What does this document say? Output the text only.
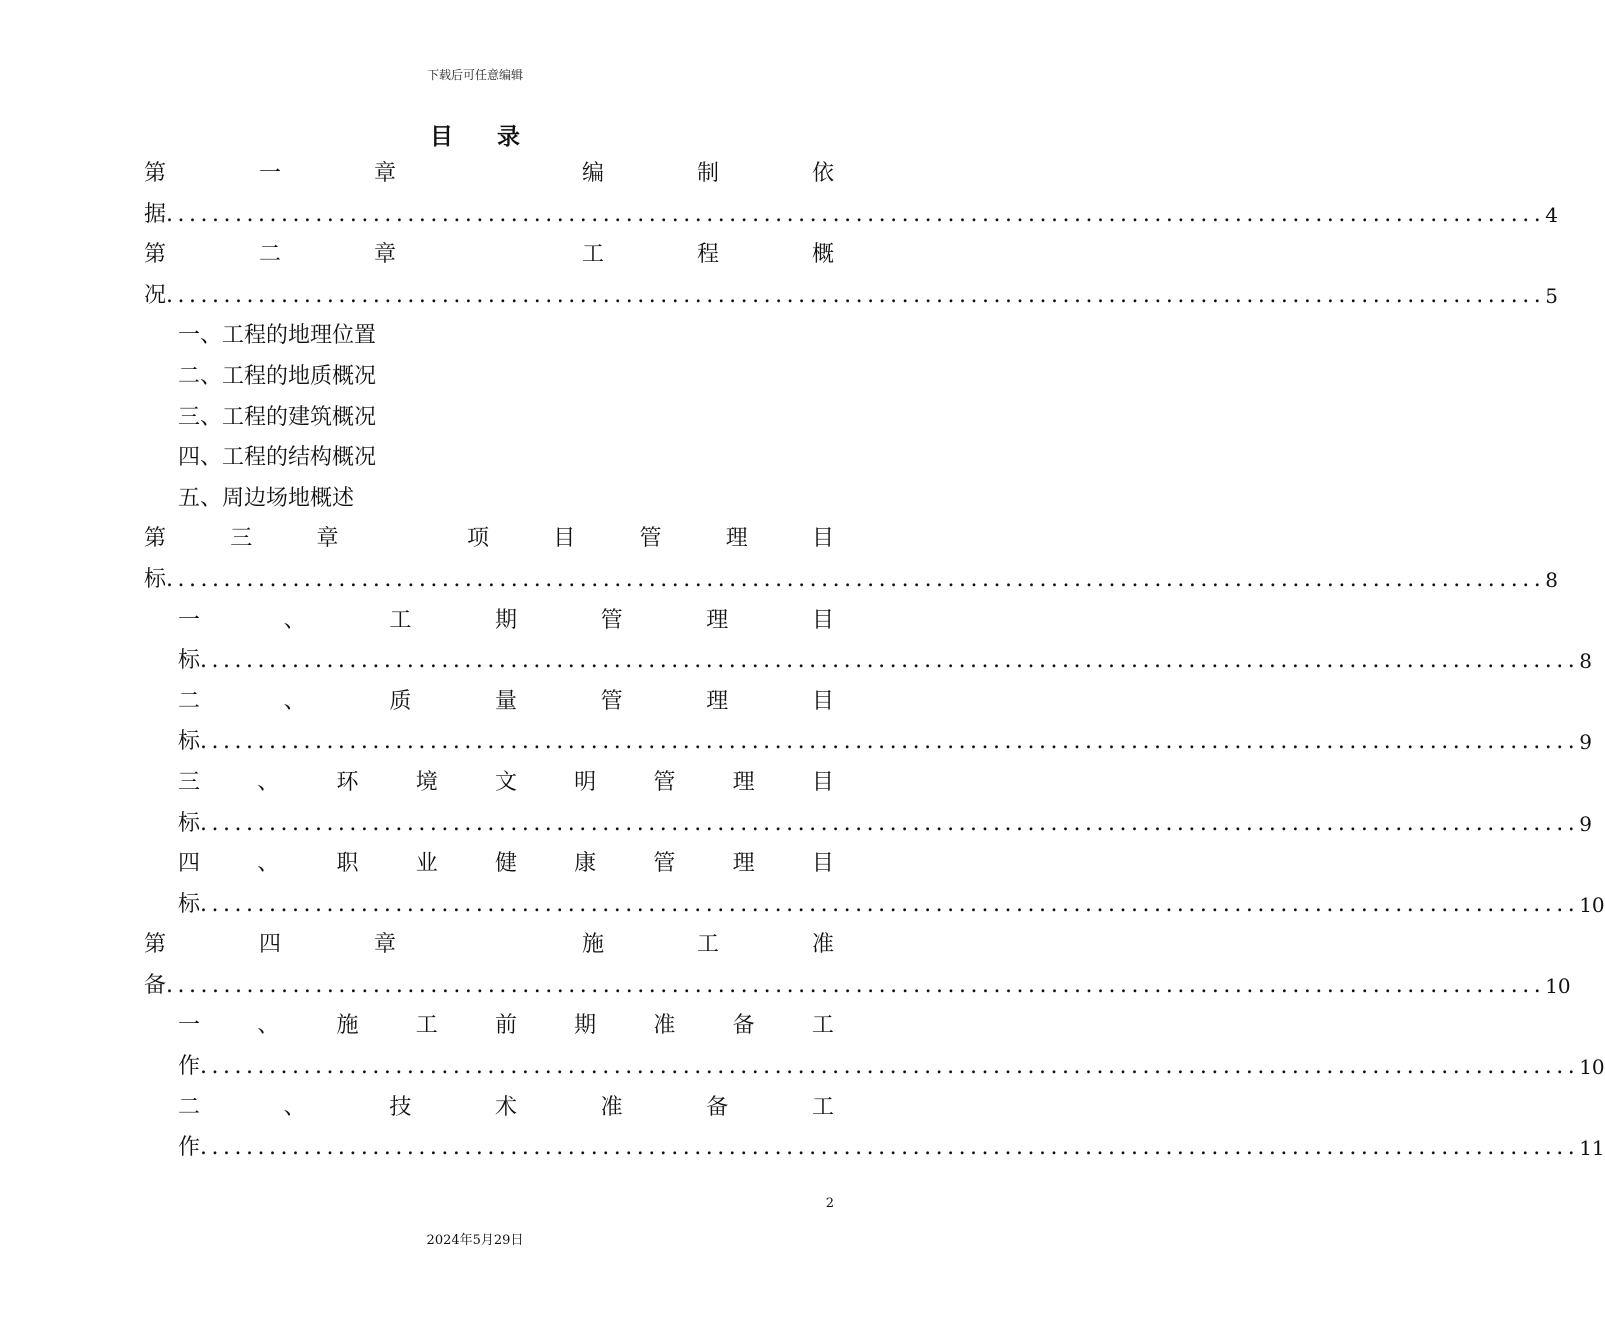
下载后可任意编辑
目 录
第	一	章	编	制	依
据 ........................................................................................................................ 4
第	二	章	工	程	概
况 ........................................................................................................................ 5
一、工程的地理位置
二、工程的地质概况
三、工程的建筑概况
四、工程的结构概况
五、周边场地概述
第	三	章	项	目	管	理	目
标 ........................................................................................................................ 8
一	、	工	期	管	理	目
标 ........................................................................................................................ 8
二	、	质	量	管	理	目
标 ........................................................................................................................ 9
三	、	环	境	文	明	管	理	目
标 ........................................................................................................................ 9
四	、	职	业	健	康	管	理	目
标 ........................................................................................................................ 10
第	四	章	施	工	准
备 ........................................................................................................................ 10
一	、	施	工	前	期	准	备	工
作 ........................................................................................................................ 10
二	、	技	术	准	备	工
作 ........................................................................................................................ 11
2
2024年5月29日
